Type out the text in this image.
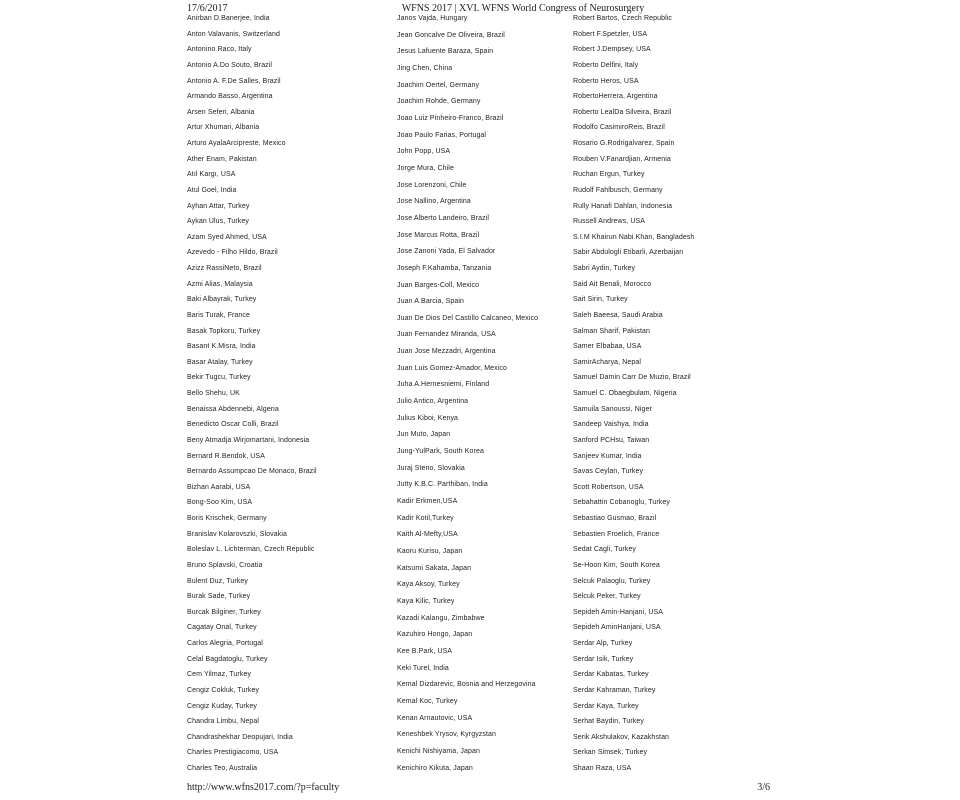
17/6/2017	WFNS 2017 | XVI. WFNS World Congress of Neurosurgery
Anirban D.Banerjee, India
Anton Valavanis, Switzerland
Antonino Raco, Italy
Antonio A.Do Souto, Brazil
Antonio A. F.De Salles, Brazil
Armando Basso, Argentina
Arsen Seferi, Albania
Artur Xhumari, Albania
Arturo AyalaArcipreste, Mexico
Ather Enam, Pakistan
Atıl Kargı, USA
Atul Goel, India
Ayhan Attar, Turkey
Aykan Ulus, Turkey
Azam Syed Ahmed, USA
Azevedo - Filho Hildo, Brazil
Azizz RassiNeto, Brazil
Azmi Alias, Malaysia
Baki Albayrak, Turkey
Baris Turak, France
Basak Topkoru, Turkey
Basant K.Misra, India
Basar Atalay, Turkey
Bekir Tugcu, Turkey
Bello Shehu, UK
Benaissa Abdennebi, Algeria
Benedicto Oscar Colli, Brazil
Beny Atmadja Wirjomartani, Indonesia
Bernard R.Bendok, USA
Bernardo Assumpcao De Monaco, Brazil
Bizhan Aarabi, USA
Bong-Soo Kim, USA
Boris Krischek, Germany
Branislav Kolarovszki, Slovakia
Boleslav L. Lichterman, Czech Republic
Bruno Splavski, Croatia
Bulent Duz, Turkey
Burak Sade, Turkey
Burcak Bilginer, Turkey
Cagatay Onal, Turkey
Carlos Alegria, Portugal
Celal Bagdatoglu, Turkey
Cem Yilmaz, Turkey
Cengiz Cokluk, Turkey
Cengiz Kuday, Turkey
Chandra Limbu, Nepal
Chandrashekhar Deopujari, India
Charles Prestigiacomo, USA
Charles Teo, Australia
Janos Vajda, Hungary
Jean Goncalve De Oliveira, Brazil
Jesus Lafuente Baraza, Spain
Jing Chen, China
Joachim Oertel, Germany
Joachim Rohde, Germany
Joao Luiz Pinheiro-Franco, Brazil
Joao Paulo Farias, Portugal
John Popp, USA
Jorge Mura, Chile
Jose Lorenzoni, Chile
Jose Nallino, Argentina
Jose Alberto Landeiro, Brazil
Jose Marcus Rotta, Brazil
Jose Zanoni Yada, El Salvador
Joseph F.Kahamba, Tanzania
Juan Barges-Coll, Mexico
Juan A.Barcia, Spain
Juan De Dios Del Castillo Calcaneo, Mexico
Juan Fernandez Miranda, USA
Juan Jose Mezzadri, Argentina
Juan Luis Gomez-Amador, Mexico
Juha A.Hernesniemi, Finland
Julio Antico, Argentina
Julius Kiboi, Kenya
Jun Muto, Japan
Jung-YulPark, South Korea
Juraj Steno, Slovakia
Jutty K.B.C. Parthiban, India
Kadir Erkmen,USA
Kadir Kotil,Turkey
Kaith Al-Mefty,USA
Kaoru Kurisu, Japan
Katsumi Sakata, Japan
Kaya Aksoy, Turkey
Kaya Kilic, Turkey
Kazadi Kalangu, Zimbabwe
Kazuhiro Hongo, Japan
Kee B.Park, USA
Keki Turel, India
Kemal Dizdarevic, Bosnia and Herzegovina
Kemal Koc, Turkey
Kenan Arnautovic, USA
Keneshbek Yrysov, Kyrgyzstan
Kenichi Nishiyama, Japan
Kenichiro Kikuta, Japan
Robert Bartos, Czech Republic
Robert F.Spetzler, USA
Robert J.Dempsey, USA
Roberto Delfini, Italy
Roberto Heros, USA
RobertoHerrera, Argentina
Roberto LealDa Silveira, Brazil
Rodolfo CasimiroReis, Brazil
Rosario G.Rodrigalvarez, Spain
Rouben V.Fanardjian, Armenia
Ruchan Ergun, Turkey
Rudolf Fahlbusch, Germany
Rully Hanafi Dahlan, Indonesia
Russell Andrews, USA
S.I.M Khairun Nabi Khan, Bangladesh
Sabir Abdulogli Etibarli, Azerbaijan
Sabri Aydin, Turkey
Said Ait Benali, Morocco
Sait Sirin, Turkey
Saleh Baeesa, Saudi Arabia
Salman Sharif, Pakistan
Samer Elbabaa, USA
SamirAcharya, Nepal
Samuel Damin Carr De Muzio, Brazil
Samuel C. Obaegbulam, Nigeria
Samuila Sanoussi, Niger
Sandeep Vaishya, India
Sanford PCHsu, Taiwan
Sanjeev Kumar, India
Savas Ceylan, Turkey
Scott Robertson, USA
Sebahattin Cobanoglu, Turkey
Sebastiao Gusmao, Brazil
Sebastien Froelich, France
Sedat Cagli, Turkey
Se-Hoon Kim, South Korea
Selcuk Palaoglu, Turkey
Selcuk Peker, Turkey
Sepideh Amin-Hanjani, USA
Sepideh AminHanjani, USA
Serdar Alp, Turkey
Serdar Isik, Turkey
Serdar Kabatas, Turkey
Serdar Kahraman, Turkey
Serdar Kaya, Turkey
Serhat Baydin, Turkey
Serik Akshulakov, Kazakhstan
Serkan Simsek, Turkey
Shaan Raza, USA
http://www.wfns2017.com/?p=faculty	3/6
